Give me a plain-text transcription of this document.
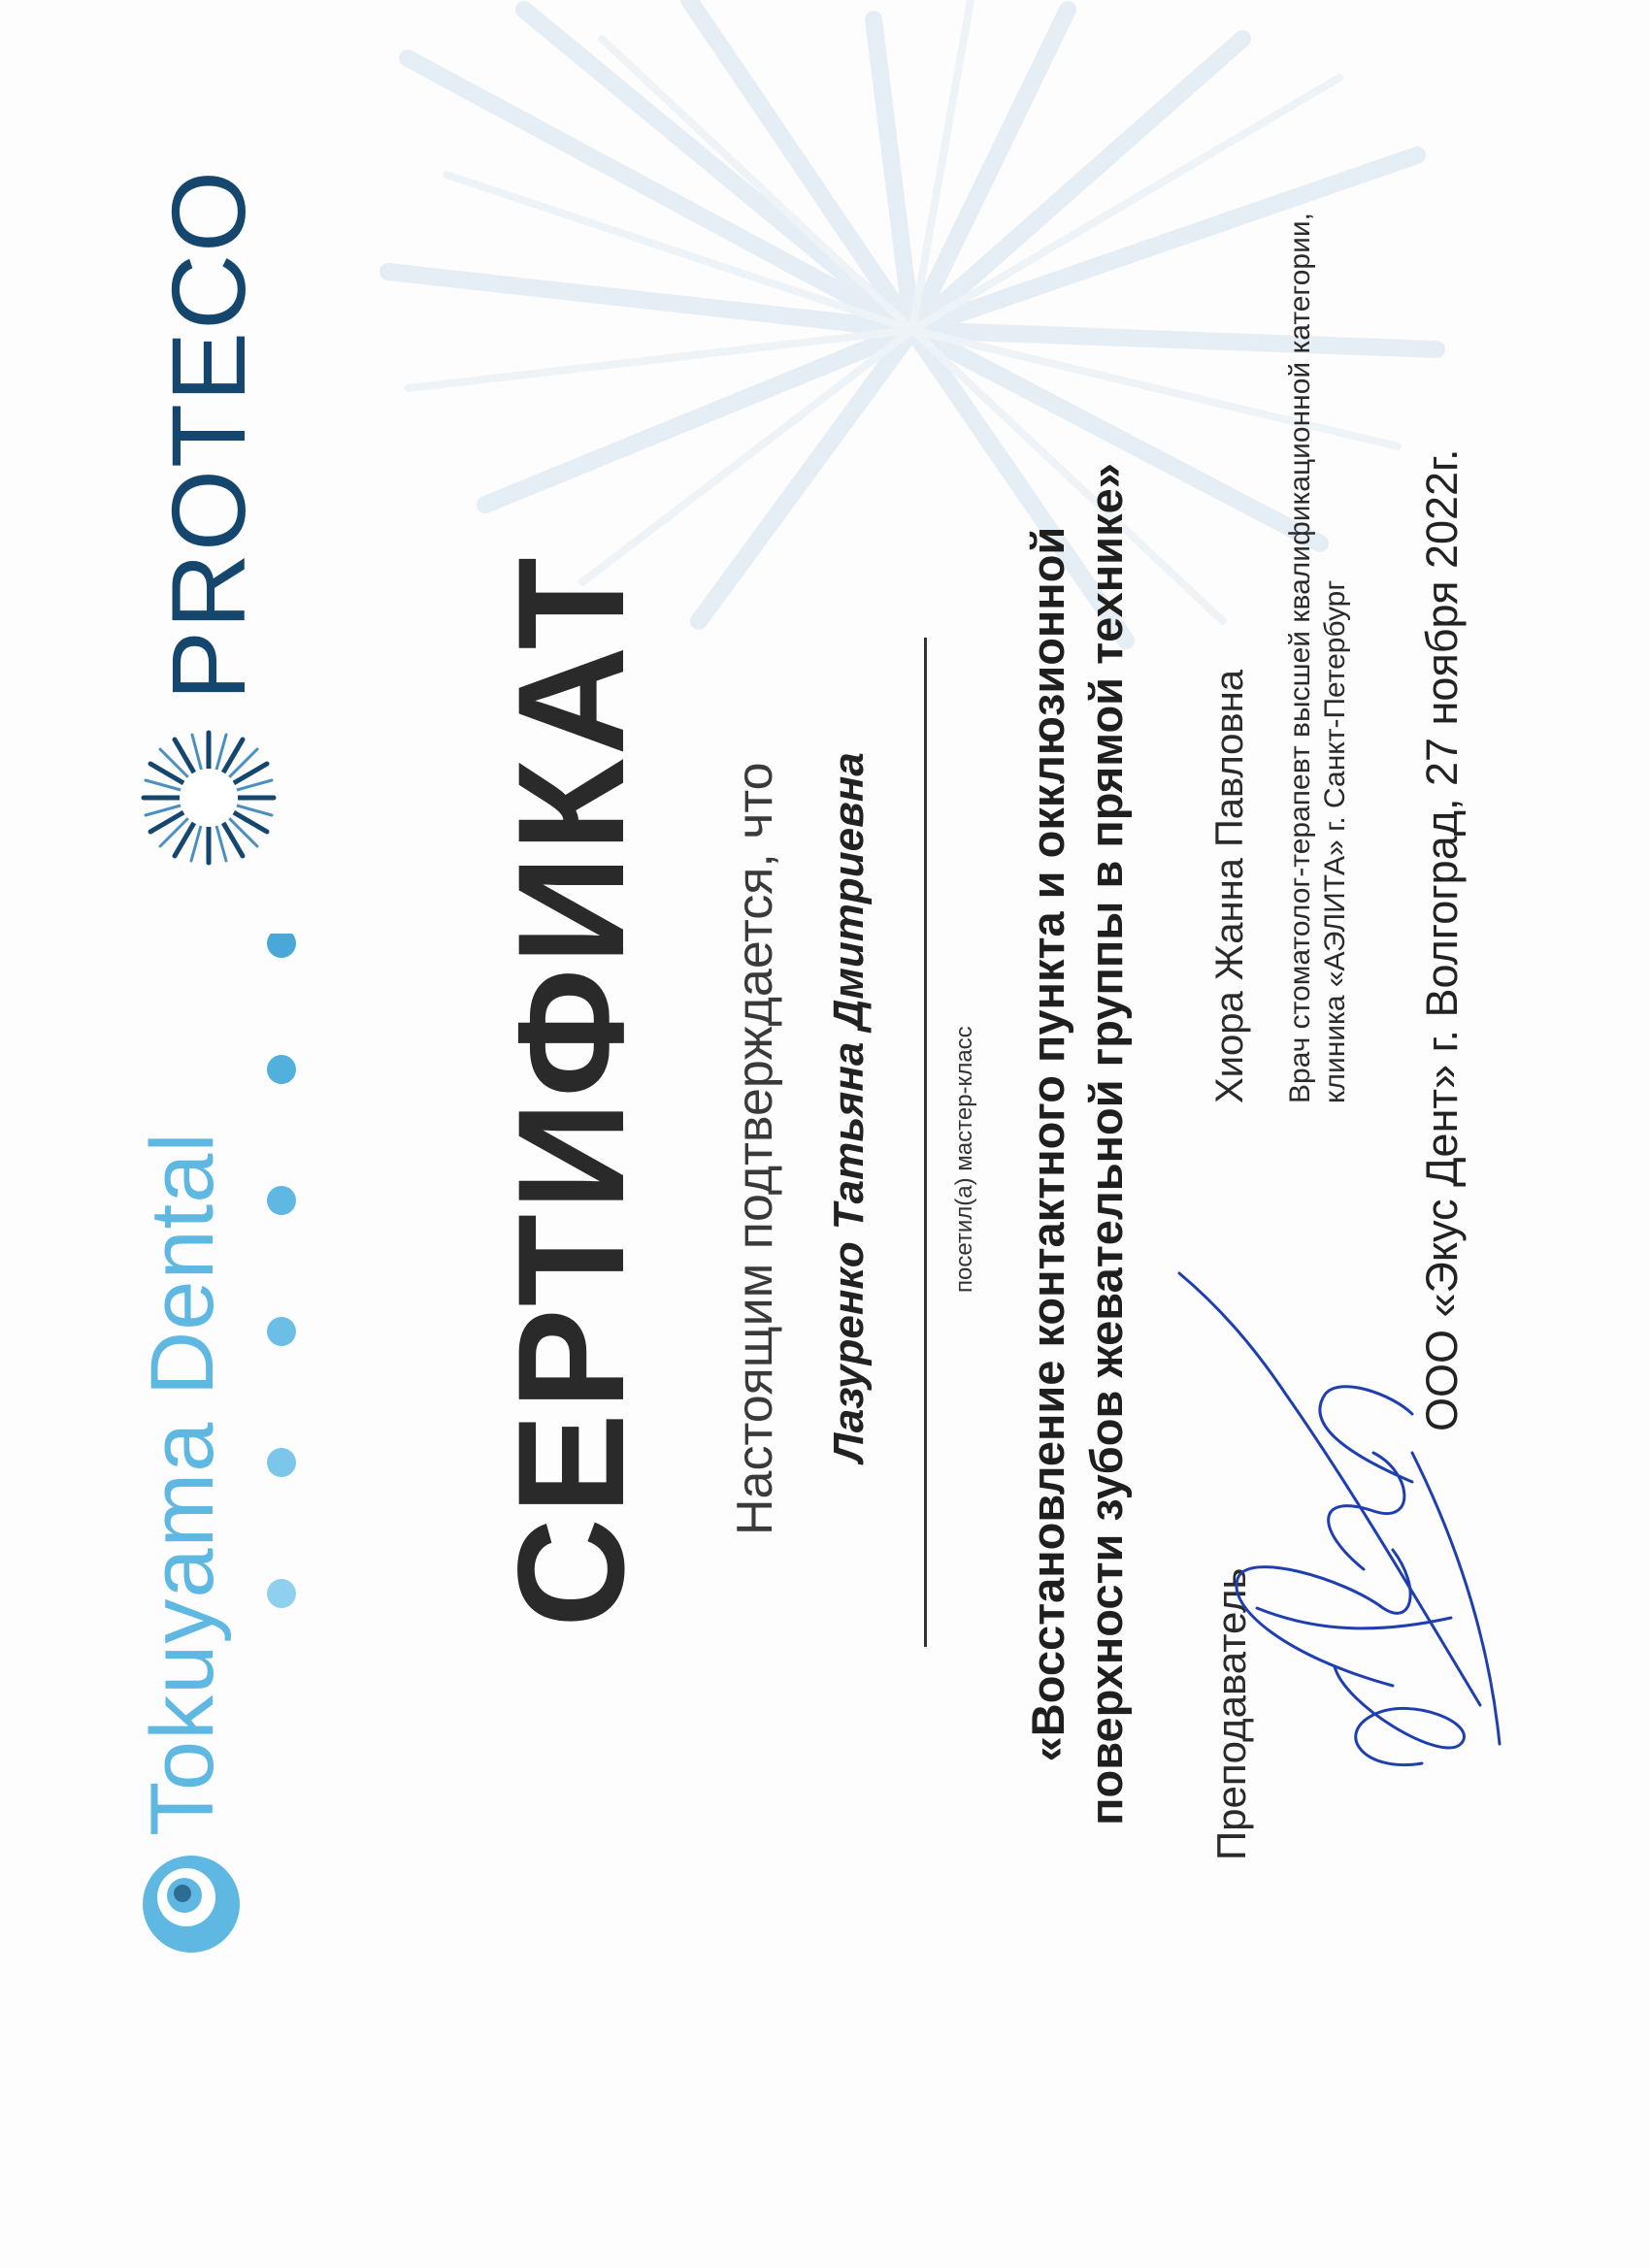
Tokuyama Dental
PROTECO
СЕРТИФИКАТ Настоящим подтверждается, что Лазуренко Татьяна Дмитриевна	посетил(а) мастер-класс «Восстановление контактного пункта и окклюзионной поверхности зубов жевательной группы в прямой технике» Преподаватель
Хиора Жанна Павловна Врач стоматолог-терапевт высшей квалификационной категории, клиника «АЭЛИТА» г. Санкт-Петербург ООО «Экус Дент» г. Волгоград, 27 ноября 2022г.
